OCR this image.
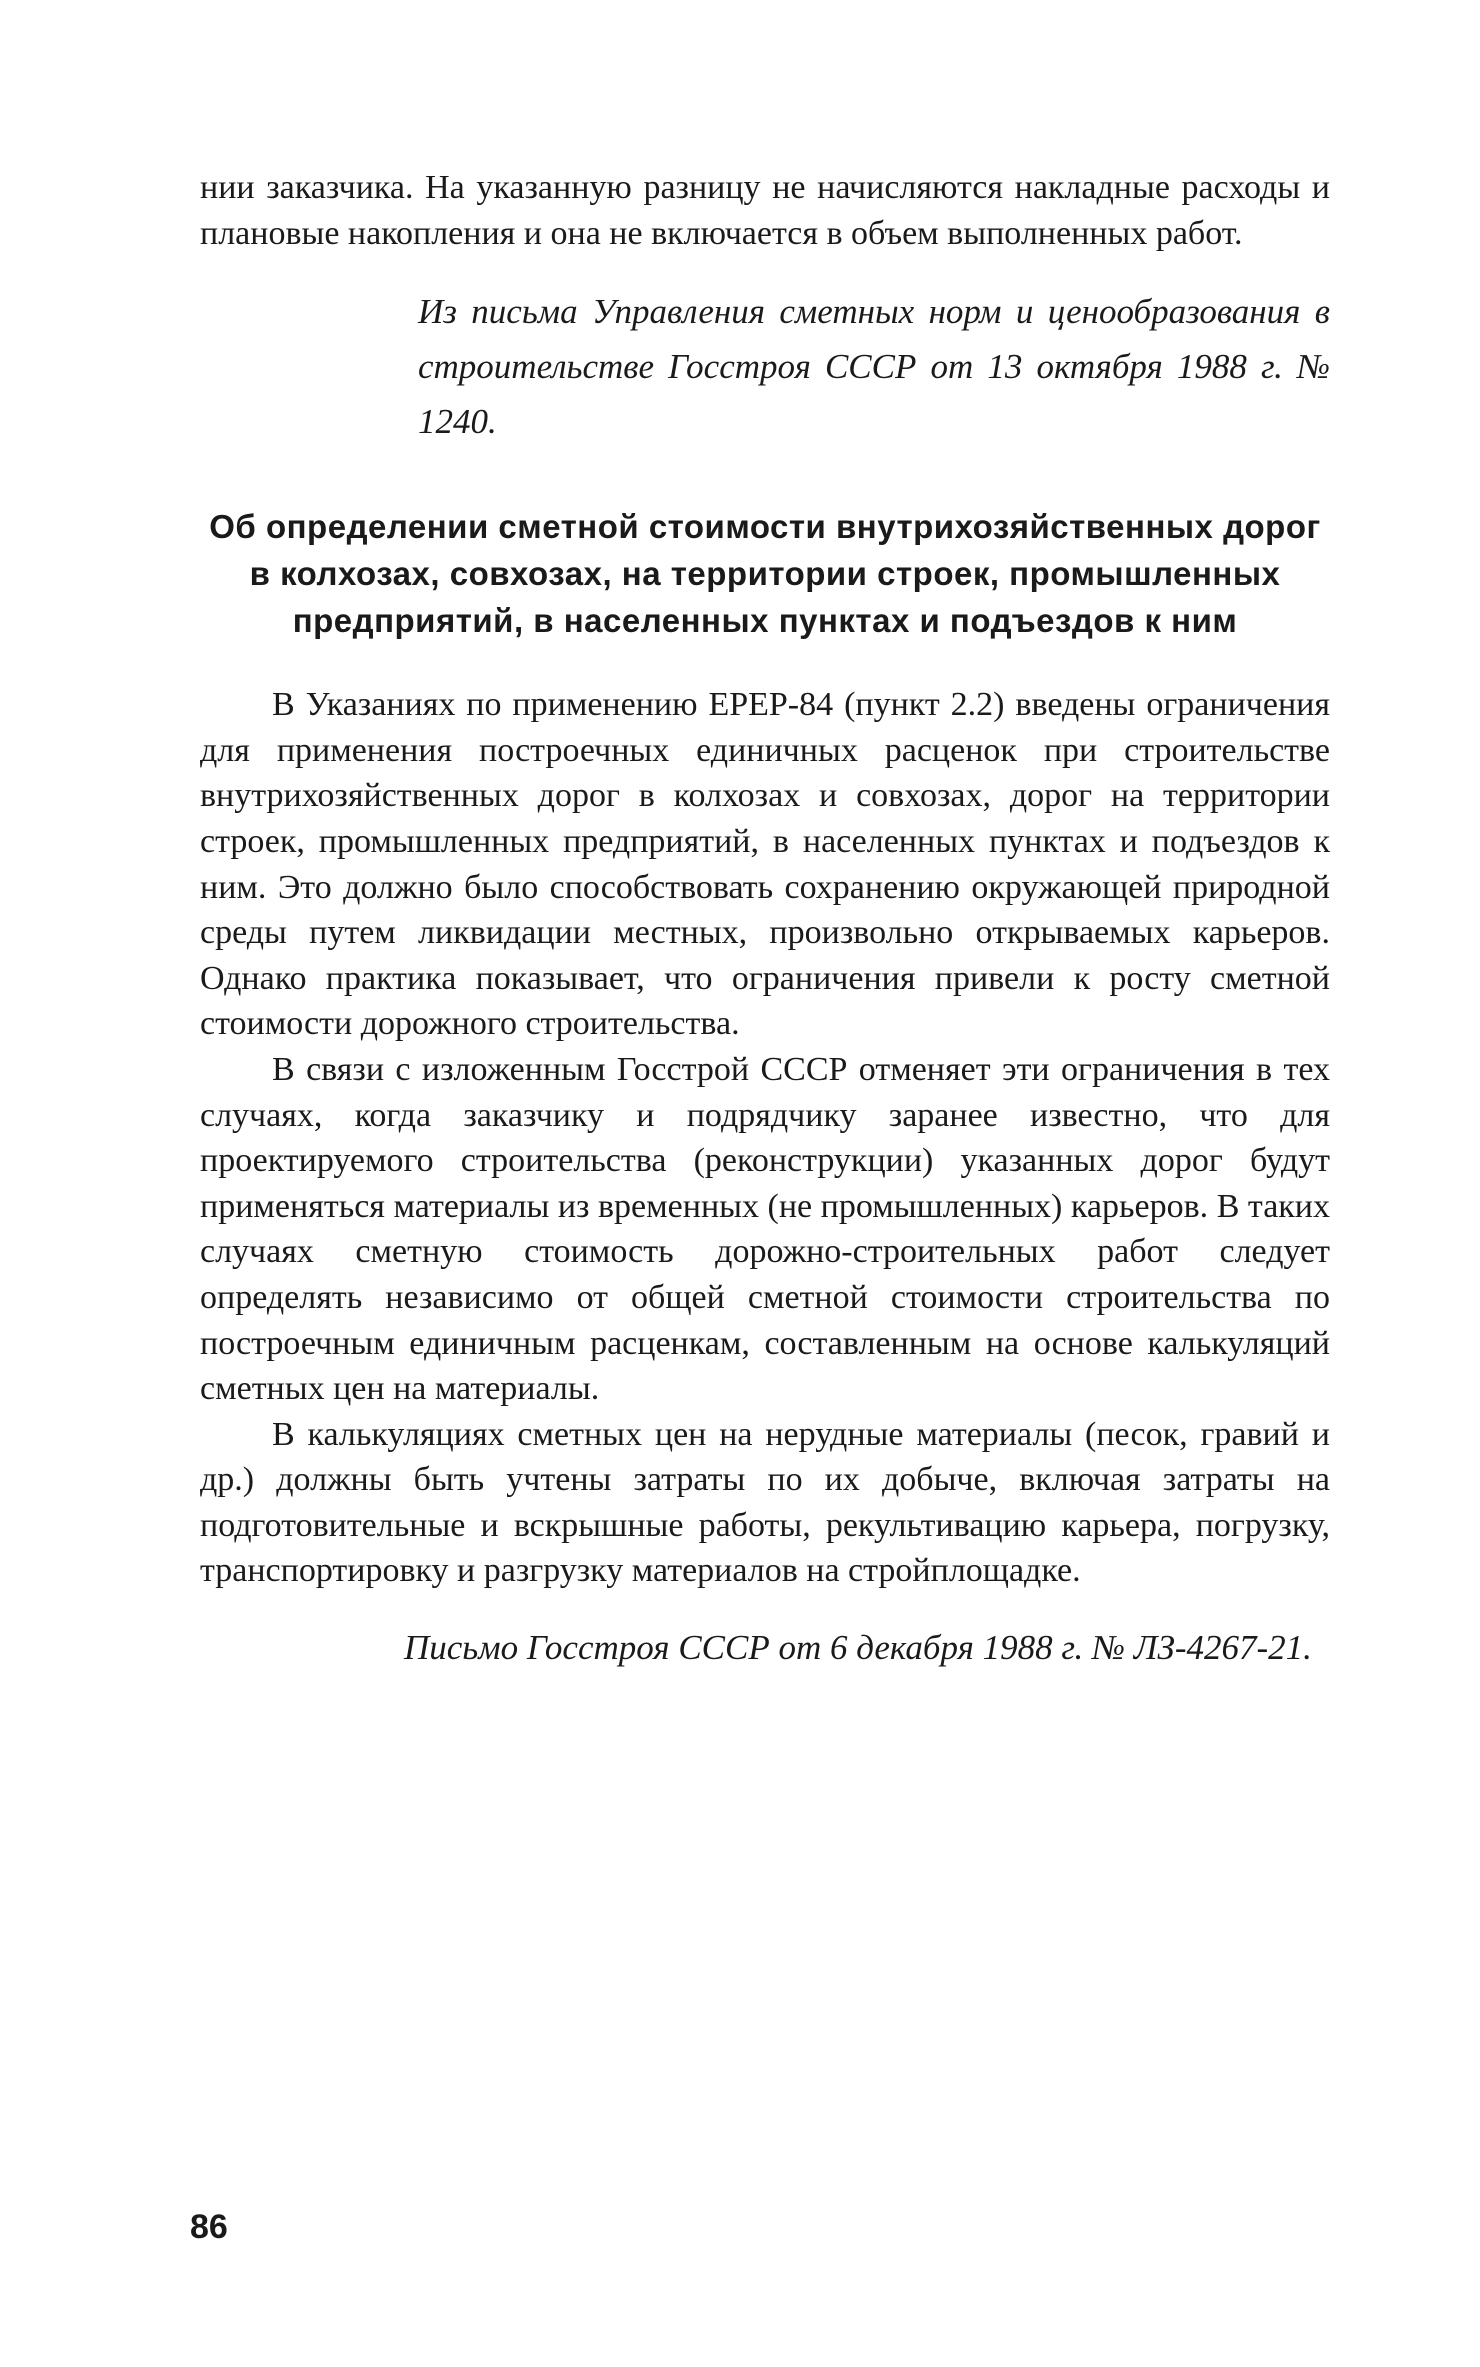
нии заказчика. На указанную разницу не начисляются накладные расходы и плановые накопления и она не включается в объем выполненных работ.

Из письма Управления сметных норм и ценообразования в строительстве Госстроя СССР от 13 октября 1988 г. № 1240.

Об определении сметной стоимости внутрихозяйственных дорог в колхозах, совхозах, на территории строек, промышленных предприятий, в населенных пунктах и подъездов к ним

В Указаниях по применению ЕРЕР-84 (пункт 2.2) введены ограничения для применения построечных единичных расценок при строительстве внутрихозяйственных дорог в колхозах и совхозах, дорог на территории строек, промышленных предприятий, в населенных пунктах и подъездов к ним. Это должно было способствовать сохранению окружающей природной среды путем ликвидации местных, произвольно открываемых карьеров. Однако практика показывает, что ограничения привели к росту сметной стоимости дорожного строительства.

В связи с изложенным Госстрой СССР отменяет эти ограничения в тех случаях, когда заказчику и подрядчику заранее известно, что для проектируемого строительства (реконструкции) указанных дорог будут применяться материалы из временных (не промышленных) карьеров. В таких случаях сметную стоимость дорожно-строительных работ следует определять независимо от общей сметной стоимости строительства по построечным единичным расценкам, составленным на основе калькуляций сметных цен на материалы.

В калькуляциях сметных цен на нерудные материалы (песок, гравий и др.) должны быть учтены затраты по их добыче, включая затраты на подготовительные и вскрышные работы, рекультивацию карьера, погрузку, транспортировку и разгрузку материалов на стройплощадке.

Письмо Госстроя СССР от 6 декабря 1988 г. № ЛЗ-4267-21.

86
